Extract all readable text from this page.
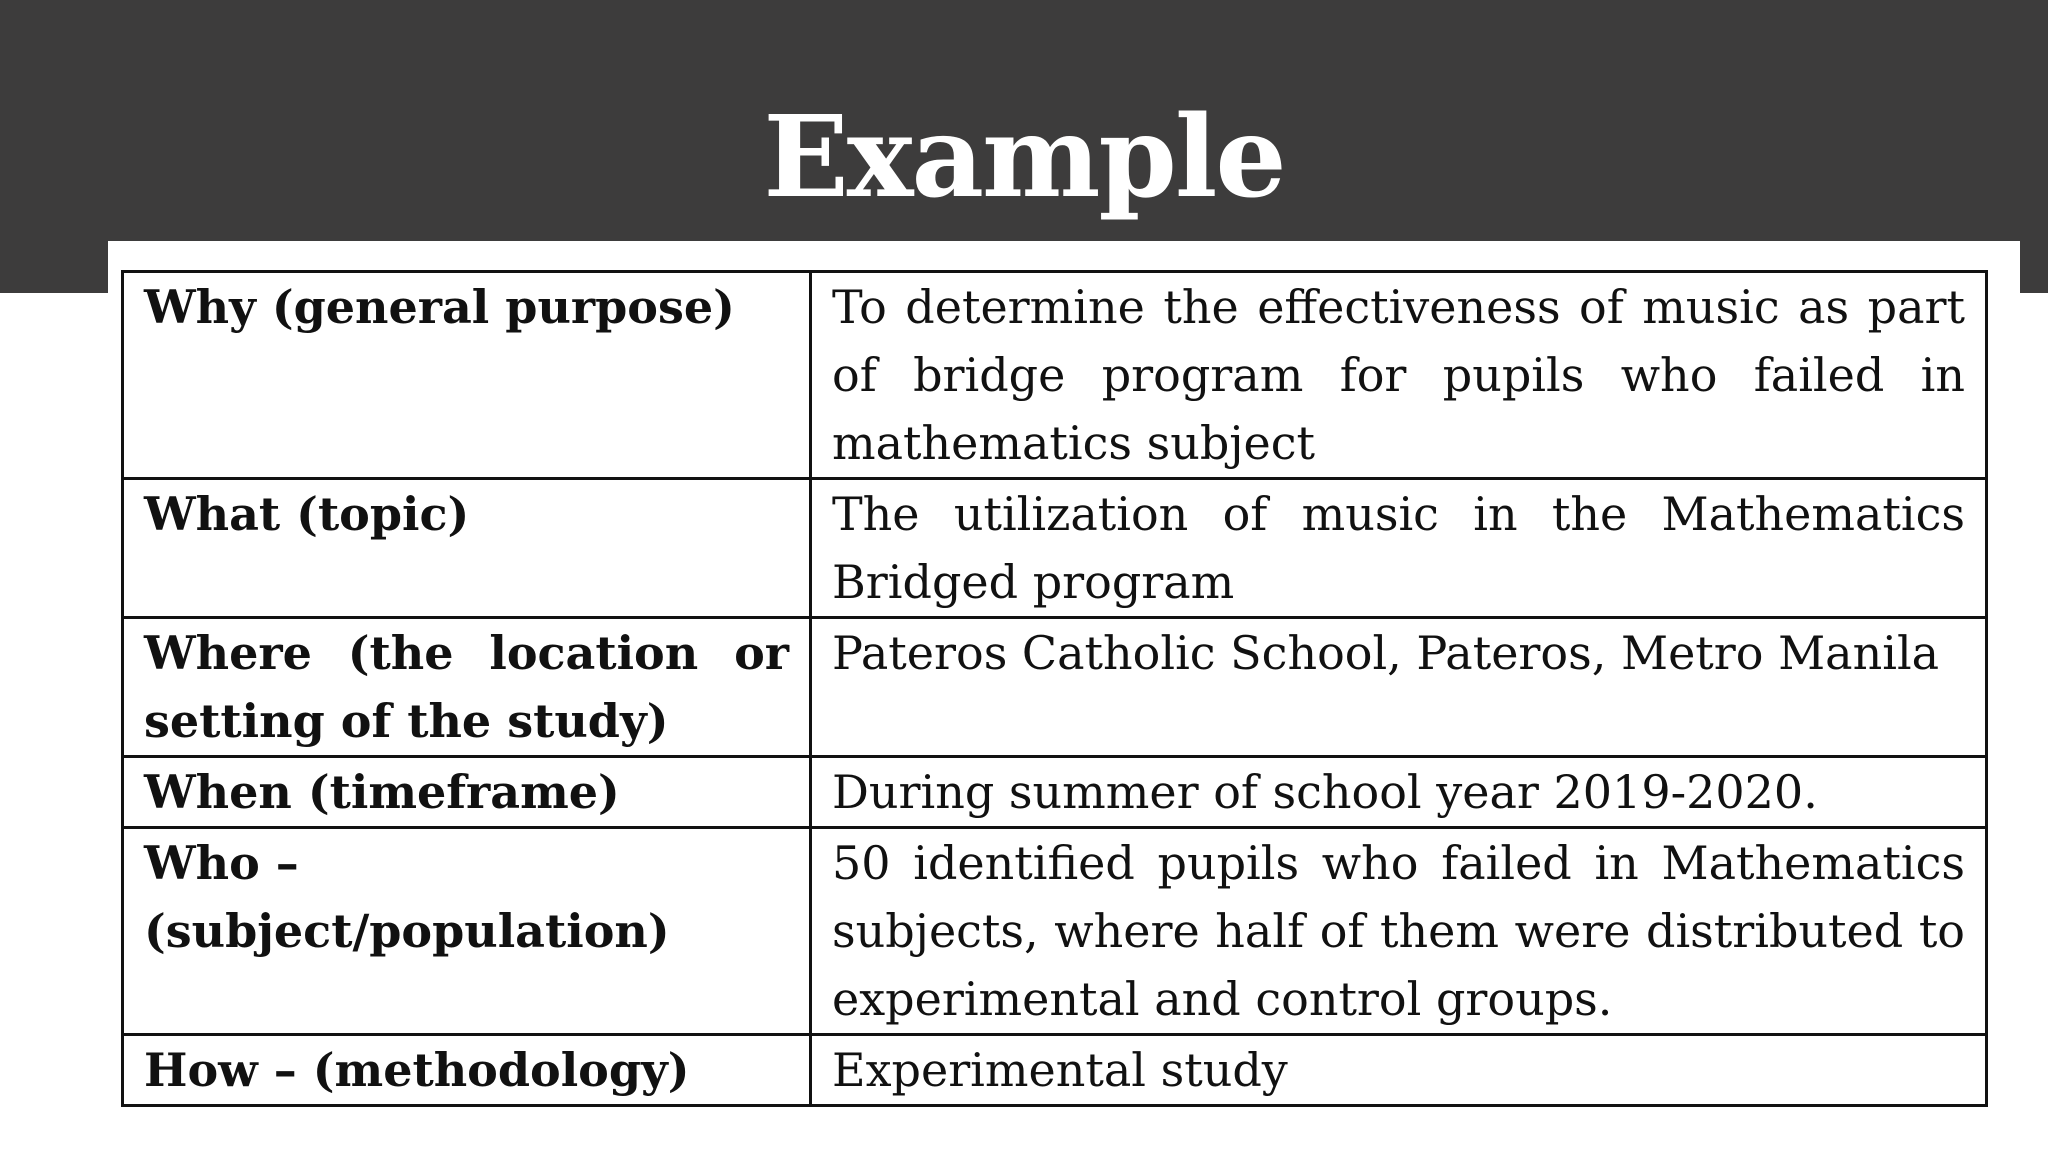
Example
Why (general purpose)	To determine the effectiveness of music as part of bridge program for pupils who failed in mathematics subject
What (topic)	The utilization of music in the Mathematics Bridged program
Where (the location or setting of the study)	Pateros Catholic School, Pateros, Metro Manila
When (timeframe)	During summer of school year 2019-2020.
Who – (subject/population)	50 identified pupils who failed in Mathematics subjects, where half of them were distributed to experimental and control groups.
How – (methodology)	Experimental study
